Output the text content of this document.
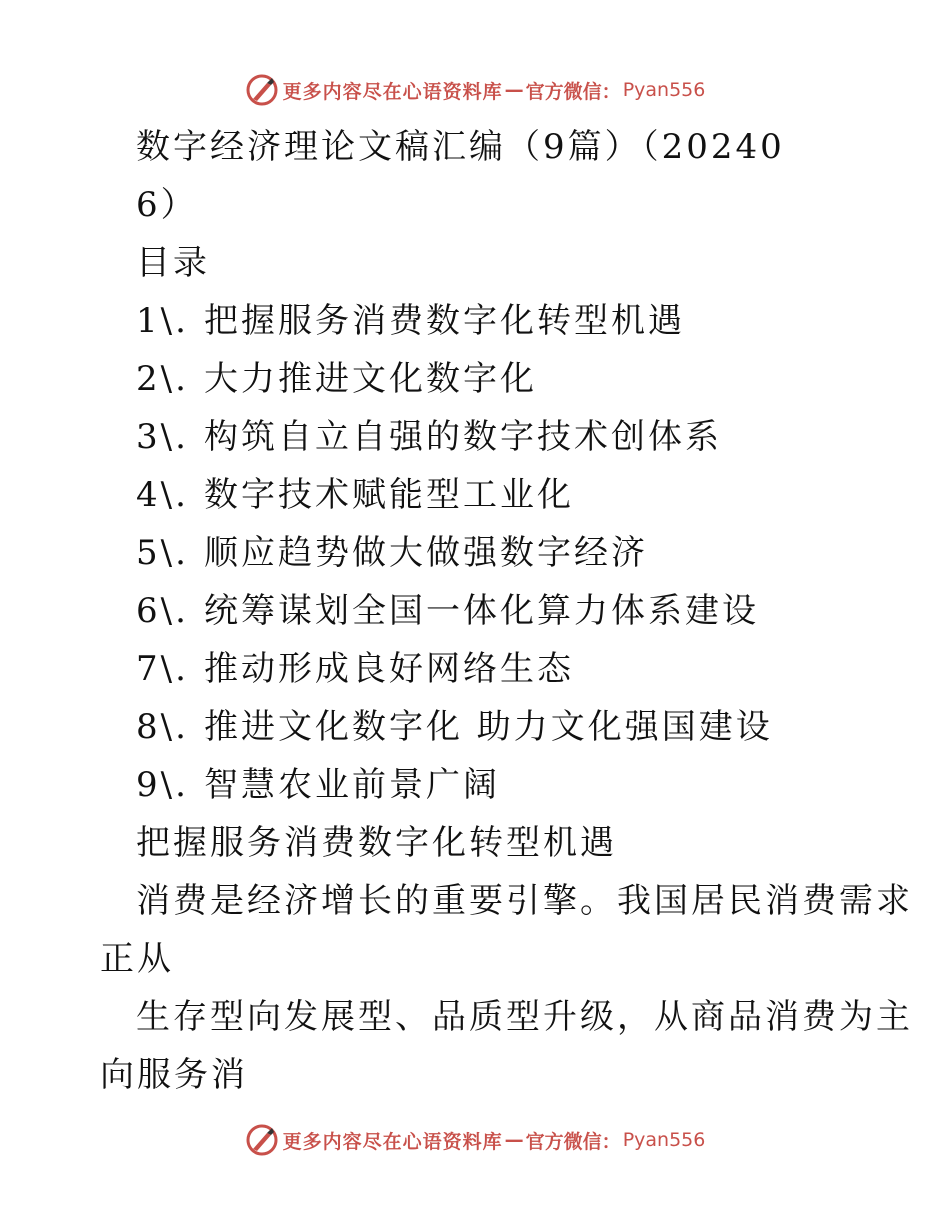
更多内容尽在心语资料库 — 官方微信： Pyan556
数字经济理论文稿汇编（9篇）（20240
6）
目录
1\. 把握服务消费数字化转型机遇
2\. 大力推进文化数字化
3\. 构筑自立自强的数字技术创体系
4\. 数字技术赋能型工业化
5\. 顺应趋势做大做强数字经济
6\. 统筹谋划全国一体化算力体系建设
7\. 推动形成良好网络生态
8\. 推进文化数字化 助力文化强国建设
9\. 智慧农业前景广阔
把握服务消费数字化转型机遇
消费是经济增长的重要引擎。我国居民消费需求
正从
生存型向发展型、品质型升级，从商品消费为主
向服务消
更多内容尽在心语资料库 — 官方微信： Pyan556
